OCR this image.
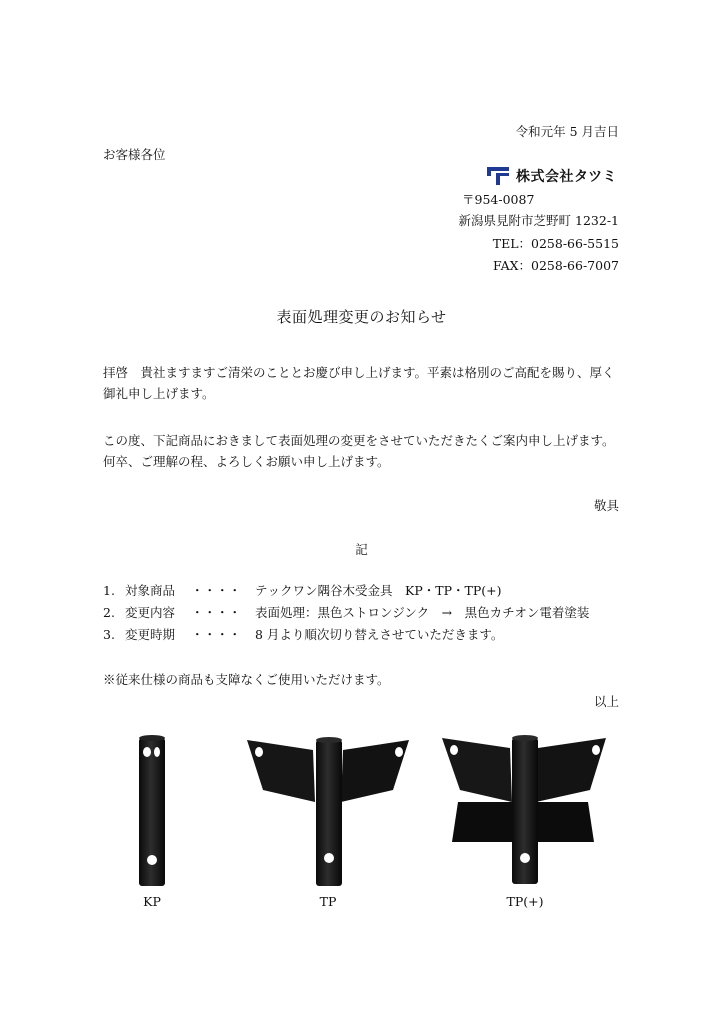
令和元年 5 月吉日
お客様各位
株式会社タツミ
〒954-0087
新潟県見附市芝野町 1232-1
TEL：0258-66-5515
FAX：0258-66-7007
表面処理変更のお知らせ
拝啓　貴社ますますご清栄のこととお慶び申し上げます。平素は格別のご高配を賜り、厚く御礼申し上げます。
この度、下記商品におきまして表面処理の変更をさせていただきたくご案内申し上げます。何卒、ご理解の程、よろしくお願い申し上げます。
敬具
記
1. 対象商品	・・・・	テックワン隅谷木受金具　KP・TP・TP(+)
2. 変更内容	・・・・	表面処理：黒色ストロンジンク　→　黒色カチオン電着塗装
3. 変更時期	・・・・	8 月より順次切り替えさせていただきます。
※従来仕様の商品も支障なくご使用いただけます。
以上
KP	TP	TP(+)
